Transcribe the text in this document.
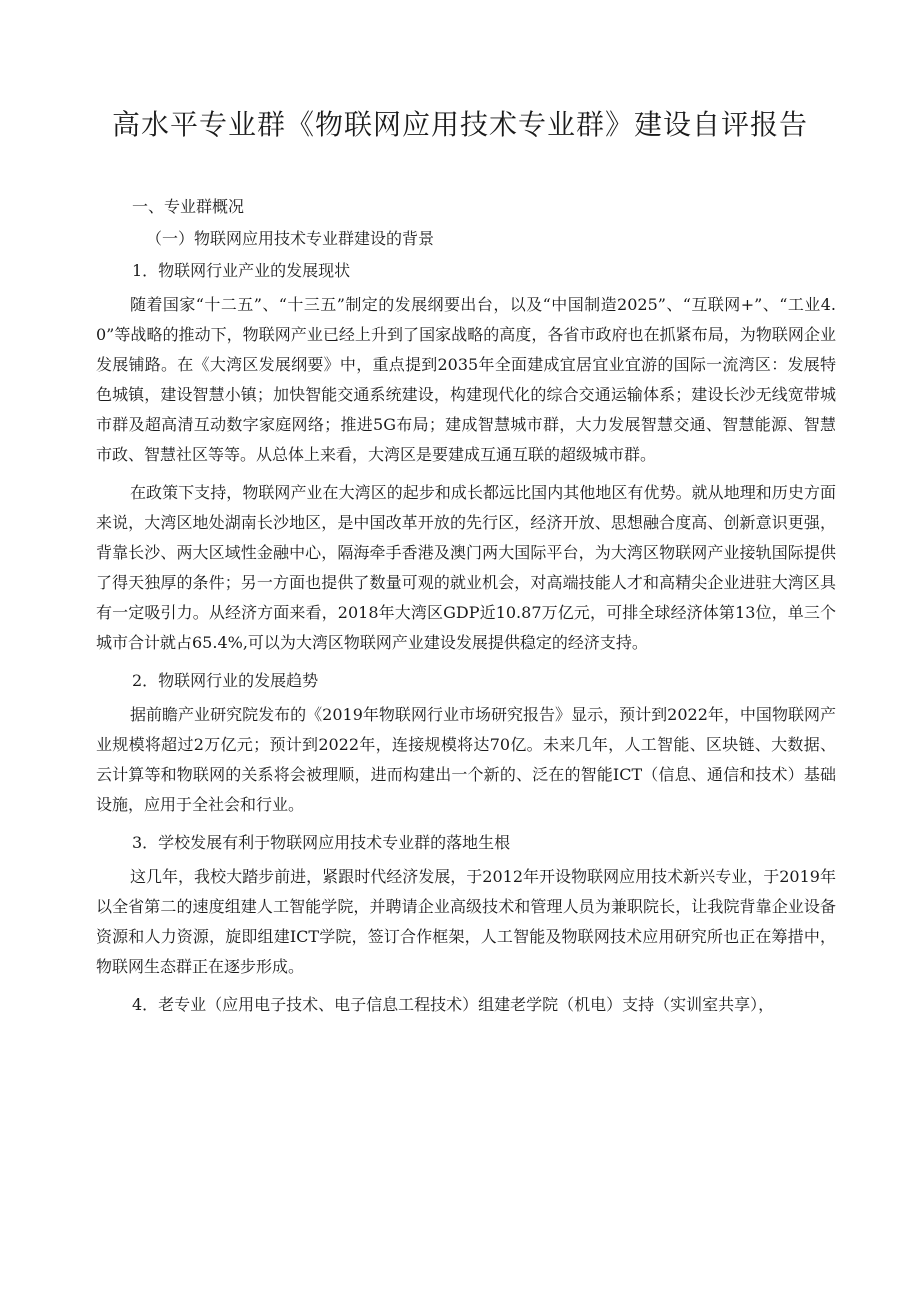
高水平专业群《物联网应用技术专业群》建设自评报告

一、专业群概况

（一）物联网应用技术专业群建设的背景

1．物联网行业产业的发展现状

随着国家“十二五”、“十三五”制定的发展纲要出台，以及“中国制造2025”、“互联网+”、“工业4.0”等战略的推动下，物联网产业已经上升到了国家战略的高度，各省市政府也在抓紧布局，为物联网企业发展铺路。在《大湾区发展纲要》中，重点提到2035年全面建成宜居宜业宜游的国际一流湾区：发展特色城镇，建设智慧小镇；加快智能交通系统建设，构建现代化的综合交通运输体系；建设长沙无线宽带城市群及超高清互动数字家庭网络；推进5G布局；建成智慧城市群，大力发展智慧交通、智慧能源、智慧市政、智慧社区等等。从总体上来看，大湾区是要建成互通互联的超级城市群。

在政策下支持，物联网产业在大湾区的起步和成长都远比国内其他地区有优势。就从地理和历史方面来说，大湾区地处湖南长沙地区，是中国改革开放的先行区，经济开放、思想融合度高、创新意识更强，背靠长沙、两大区域性金融中心，隔海牵手香港及澳门两大国际平台，为大湾区物联网产业接轨国际提供了得天独厚的条件；另一方面也提供了数量可观的就业机会，对高端技能人才和高精尖企业进驻大湾区具有一定吸引力。从经济方面来看，2018年大湾区GDP近10.87万亿元，可排全球经济体第13位，单三个城市合计就占65.4%,可以为大湾区物联网产业建设发展提供稳定的经济支持。

2．物联网行业的发展趋势

据前瞻产业研究院发布的《2019年物联网行业市场研究报告》显示，预计到2022年，中国物联网产业规模将超过2万亿元；预计到2022年，连接规模将达70亿。未来几年，人工智能、区块链、大数据、云计算等和物联网的关系将会被理顺，进而构建出一个新的、泛在的智能ICT（信息、通信和技术）基础设施，应用于全社会和行业。

3．学校发展有利于物联网应用技术专业群的落地生根

这几年，我校大踏步前进，紧跟时代经济发展，于2012年开设物联网应用技术新兴专业，于2019年以全省第二的速度组建人工智能学院，并聘请企业高级技术和管理人员为兼职院长，让我院背靠企业设备资源和人力资源，旋即组建ICT学院，签订合作框架，人工智能及物联网技术应用研究所也正在筹措中，物联网生态群正在逐步形成。

4．老专业（应用电子技术、电子信息工程技术）组建老学院（机电）支持（实训室共享），
